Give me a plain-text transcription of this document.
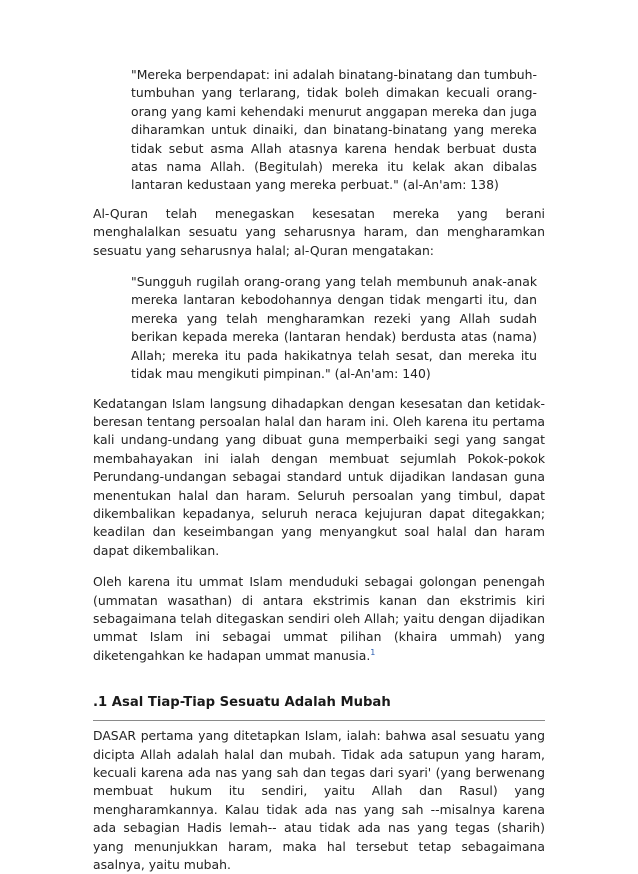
"Mereka berpendapat: ini adalah binatang-binatang dan tumbuh-tumbuhan yang terlarang, tidak boleh dimakan kecuali orang-orang yang kami kehendaki menurut anggapan mereka dan juga diharamkan untuk dinaiki, dan binatang-binatang yang mereka tidak sebut asma Allah atasnya karena hendak berbuat dusta atas nama Allah. (Begitulah) mereka itu kelak akan dibalas lantaran kedustaan yang mereka perbuat." (al-An'am: 138)

Al-Quran telah menegaskan kesesatan mereka yang berani menghalalkan sesuatu yang seharusnya haram, dan mengharamkan sesuatu yang seharusnya halal; al-Quran mengatakan:

"Sungguh rugilah orang-orang yang telah membunuh anak-anak mereka lantaran kebodohannya dengan tidak mengarti itu, dan mereka yang telah mengharamkan rezeki yang Allah sudah berikan kepada mereka (lantaran hendak) berdusta atas (nama) Allah; mereka itu pada hakikatnya telah sesat, dan mereka itu tidak mau mengikuti pimpinan." (al-An'am: 140)

Kedatangan Islam langsung dihadapkan dengan kesesatan dan ketidak-beresan tentang persoalan halal dan haram ini. Oleh karena itu pertama kali undang-undang yang dibuat guna memperbaiki segi yang sangat membahayakan ini ialah dengan membuat sejumlah Pokok-pokok Perundang-undangan sebagai standard untuk dijadikan landasan guna menentukan halal dan haram. Seluruh persoalan yang timbul, dapat dikembalikan kepadanya, seluruh neraca kejujuran dapat ditegakkan; keadilan dan keseimbangan yang menyangkut soal halal dan haram dapat dikembalikan.

Oleh karena itu ummat Islam menduduki sebagai golongan penengah (ummatan wasathan) di antara ekstrimis kanan dan ekstrimis kiri sebagaimana telah ditegaskan sendiri oleh Allah; yaitu dengan dijadikan ummat Islam ini sebagai ummat pilihan (khaira ummah) yang diketengahkan ke hadapan ummat manusia.$^1$

.1 Asal Tiap-Tiap Sesuatu Adalah Mubah

DASAR pertama yang ditetapkan Islam, ialah: bahwa asal sesuatu yang dicipta Allah adalah halal dan mubah. Tidak ada satupun yang haram, kecuali karena ada nas yang sah dan tegas dari syari' (yang berwenang membuat hukum itu sendiri, yaitu Allah dan Rasul) yang mengharamkannya. Kalau tidak ada nas yang sah --misalnya karena ada sebagian Hadis lemah-- atau tidak ada nas yang tegas (sharih) yang menunjukkan haram, maka hal tersebut tetap sebagaimana asalnya, yaitu mubah.
